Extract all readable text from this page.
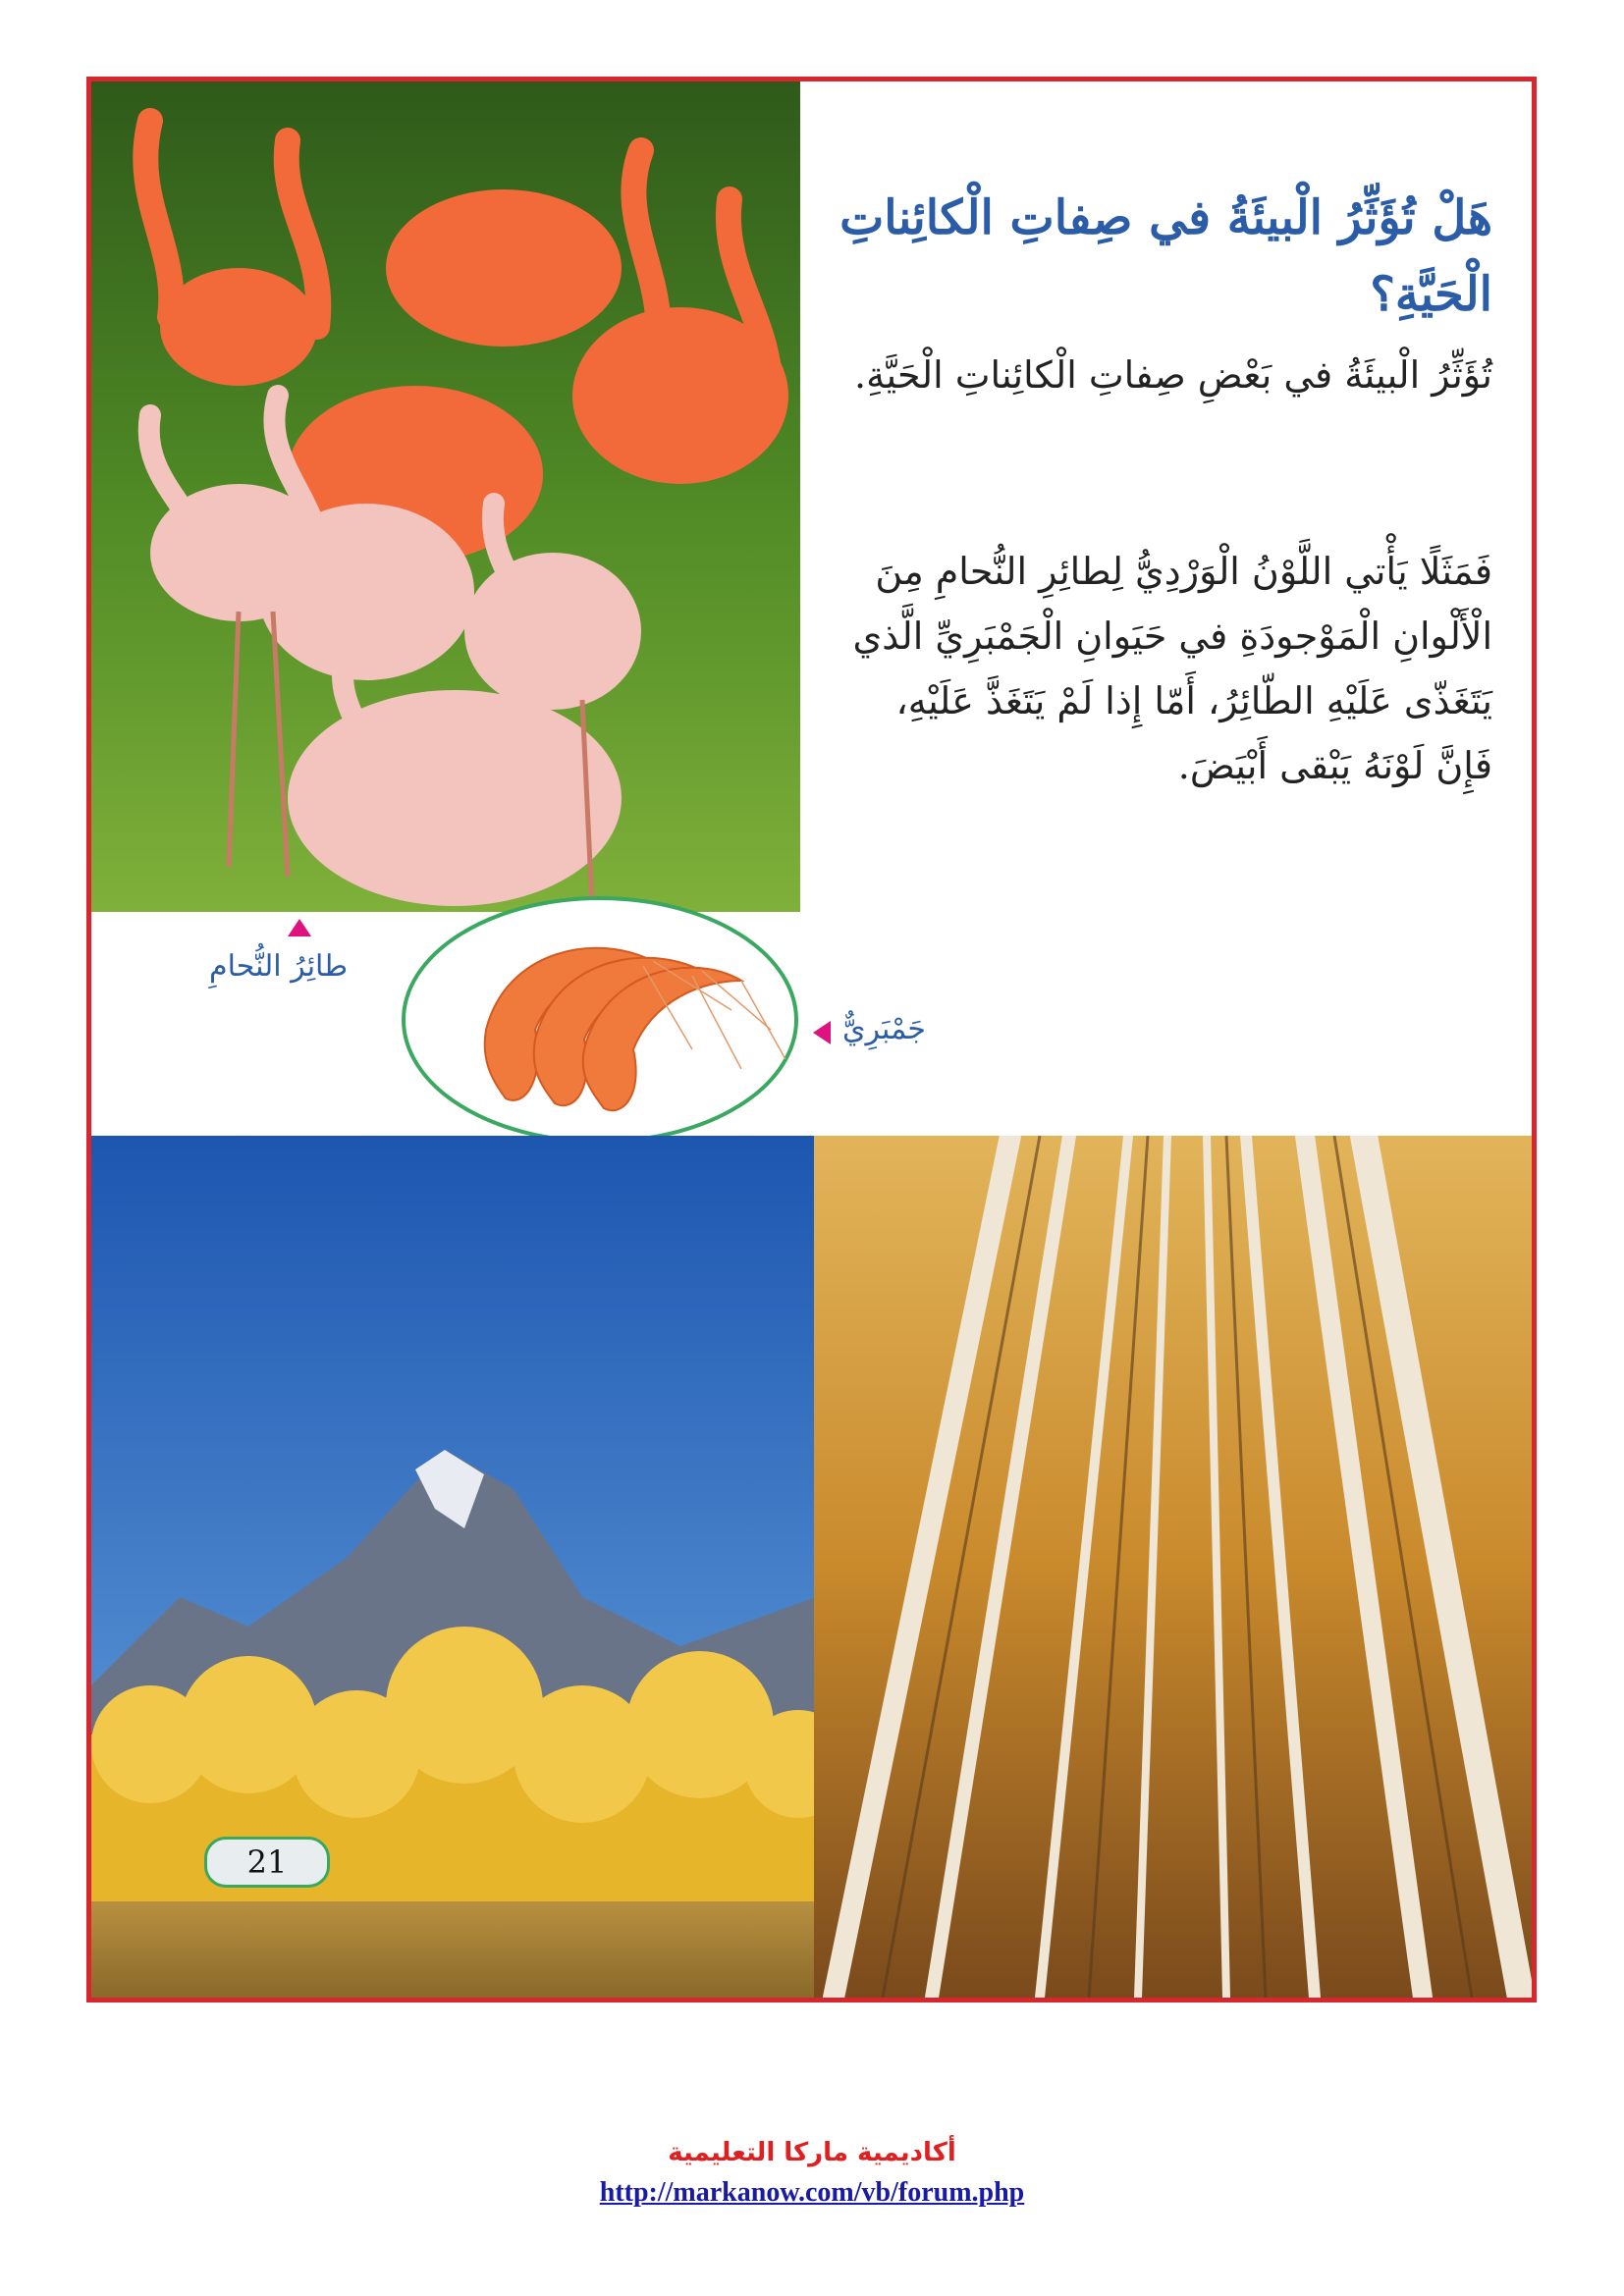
هَلْ تُؤَثِّرُ الْبيئَةُ في صِفاتِ الْكائِناتِ الْحَيَّةِ؟

تُؤَثِّرُ الْبيئَةُ في بَعْضِ صِفاتِ الْكائِناتِ الْحَيَّةِ.

فَمَثَلًا يَأْتي اللَّوْنُ الْوَرْدِيُّ لِطائِرِ النُّحامِ مِنَ الْأَلْوانِ الْمَوْجودَةِ في حَيَوانِ الْجَمْبَرِيِّ الَّذي يَتَغَذّى عَلَيْهِ الطّائِرُ، أَمّا إِذا لَمْ يَتَغَذَّ عَلَيْهِ، فَإِنَّ لَوْنَهُ يَبْقى أَبْيَضَ.

طائِرُ النُّحامِ
جَمْبَرِيٌّ

21
أكاديمية ماركا التعليمية
http://markanow.com/vb/forum.php
